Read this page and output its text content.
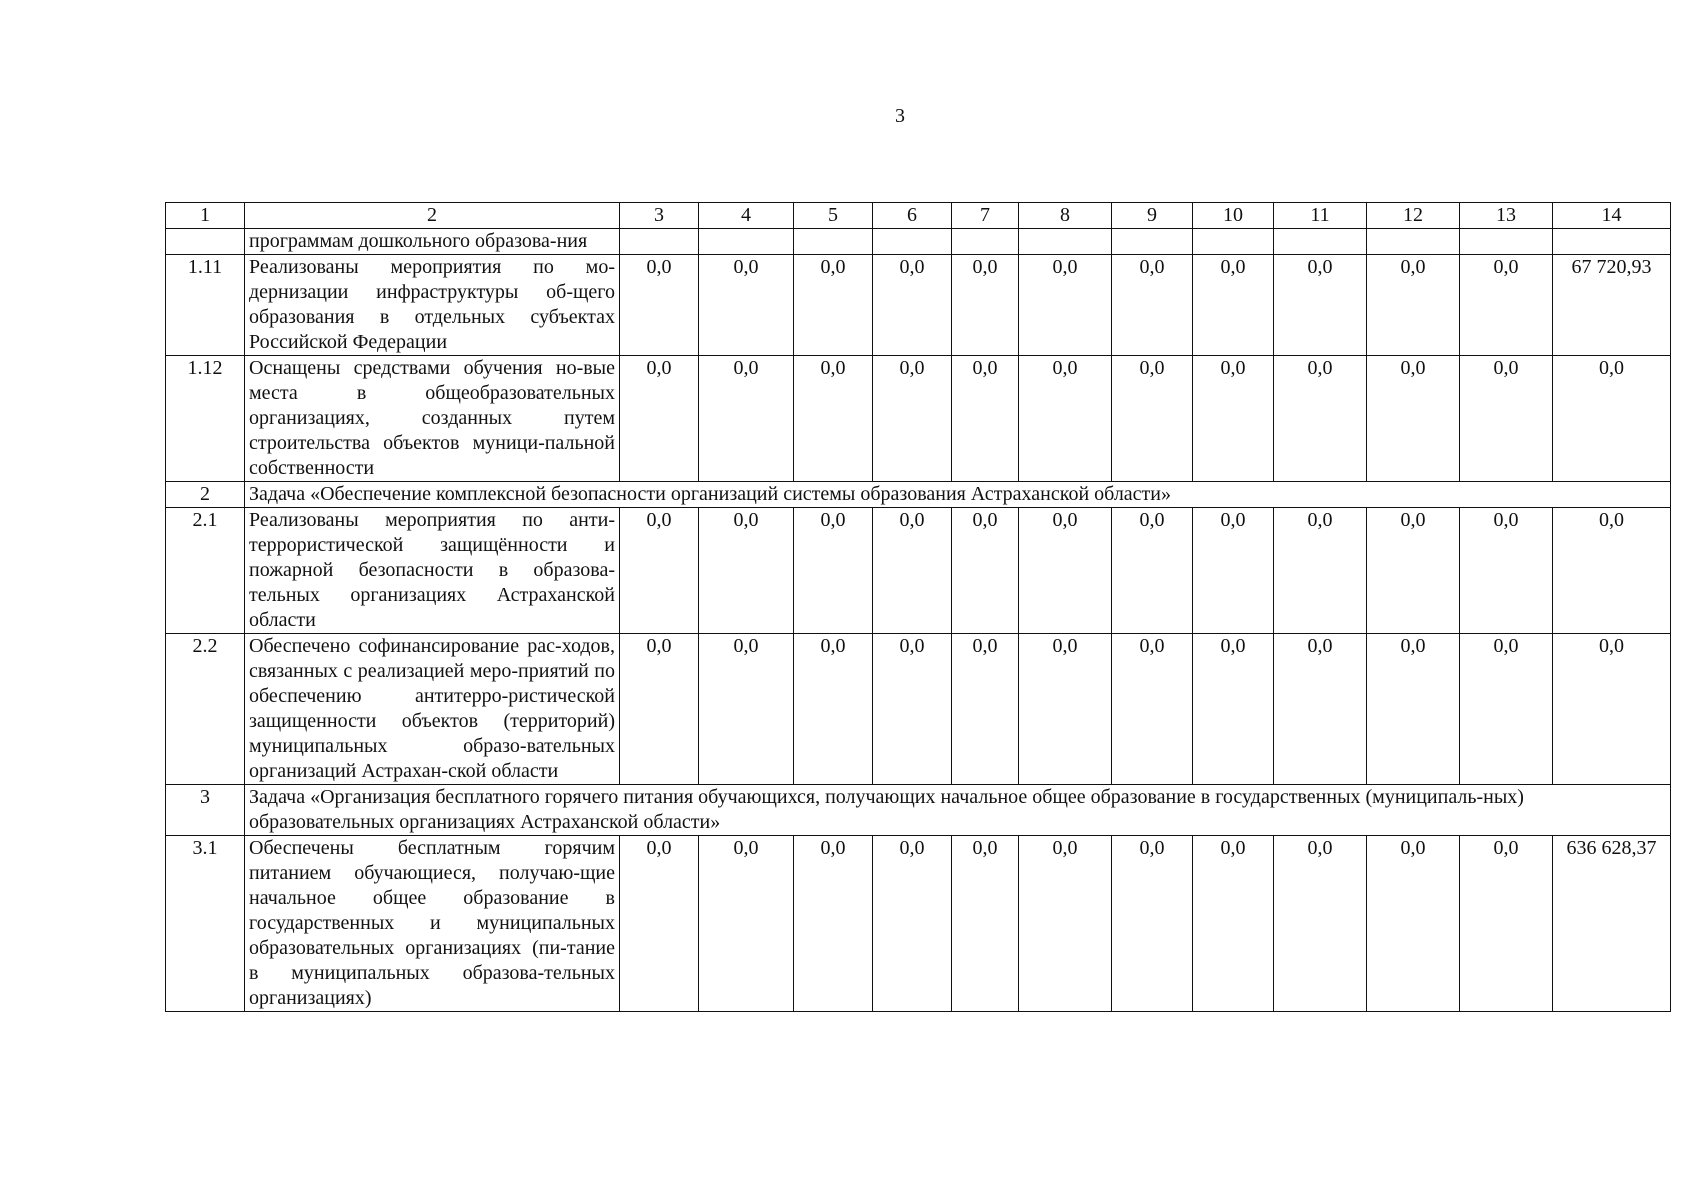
3
1	2	3	4	5	6	7	8	9	10	11	12	13	14
	программам дошкольного образова-ния												
1.11	Реализованы мероприятия по мо-дернизации инфраструктуры об-щего образования в отдельных субъектах Российской Федерации	0,0	0,0	0,0	0,0	0,0	0,0	0,0	0,0	0,0	0,0	0,0	67 720,93
1.12	Оснащены средствами обучения но-вые места в общеобразовательных организациях, созданных путем строительства объектов муници-пальной собственности	0,0	0,0	0,0	0,0	0,0	0,0	0,0	0,0	0,0	0,0	0,0	0,0
2	Задача «Обеспечение комплексной безопасности организаций системы образования Астраханской области»												
2.1	Реализованы мероприятия по анти-террористической защищённости и пожарной безопасности в образова-тельных организациях Астраханской области	0,0	0,0	0,0	0,0	0,0	0,0	0,0	0,0	0,0	0,0	0,0	0,0
2.2	Обеспечено софинансирование рас-ходов, связанных с реализацией меро-приятий по обеспечению антитерро-ристической защищенности объектов (территорий) муниципальных образо-вательных организаций Астрахан-ской области	0,0	0,0	0,0	0,0	0,0	0,0	0,0	0,0	0,0	0,0	0,0	0,0
3	Задача «Организация бесплатного горячего питания обучающихся, получающих начальное общее образование в государственных (муниципаль-ных) образовательных организациях Астраханской области»												
3.1	Обеспечены бесплатным горячим питанием обучающиеся, получаю-щие начальное общее образование в государственных и муниципальных образовательных организациях (пи-тание в муниципальных образова-тельных организациях)	0,0	0,0	0,0	0,0	0,0	0,0	0,0	0,0	0,0	0,0	0,0	636 628,37
